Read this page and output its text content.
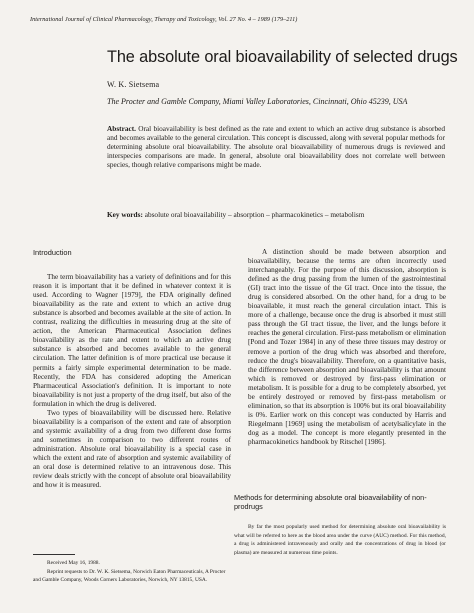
International Journal of Clinical Pharmacology, Therapy and Toxicology, Vol. 27 No. 4 – 1989 (179–211)
The absolute oral bioavailability of selected drugs
W. K. Sietsema
The Procter and Gamble Company, Miami Valley Laboratories, Cincinnati, Ohio 45239, USA
Abstract. Oral bioavailability is best defined as the rate and extent to which an active drug substance is absorbed and becomes available to the general circulation. This concept is discussed, along with several popular methods for determining absolute oral bioavailability. The absolute oral bioavailability of numerous drugs is reviewed and interspecies comparisons are made. In general, absolute oral bioavailability does not correlate well between species, though relative comparisons might be made.
Key words: absolute oral bioavailability – absorption – pharmacokinetics – metabolism
Introduction

The term bioavailability has a variety of definitions and for this reason it is important that it be defined in whatever context it is used. According to Wagner [1979], the FDA originally defined bioavailability as the rate and extent to which an active drug substance is absorbed and becomes available at the site of action. In contrast, realizing the difficulties in measuring drug at the site of action, the American Pharmaceutical Association defines bioavailability as the rate and extent to which an active drug substance is absorbed and becomes available to the general circulation. The latter definition is of more practical use because it permits a fairly simple experimental determination to be made. Recently, the FDA has considered adopting the American Pharmaceutical Association's definition. It is important to note bioavailability is not just a property of the drug itself, but also of the formulation in which the drug is delivered.

Two types of bioavailability will be discussed here. Relative bioavailability is a comparison of the extent and rate of absorption and systemic availability of a drug from two different dose forms and sometimes in comparison to two different routes of administration. Absolute oral bioavailability is a special case in which the extent and rate of absorption and systemic availability of an oral dose is determined relative to an intravenous dose. This review deals strictly with the concept of absolute oral bioavailability and how it is measured.

A distinction should be made between absorption and bioavailability, because the terms are often incorrectly used interchangeably. For the purpose of this discussion, absorption is defined as the drug passing from the lumen of the gastrointestinal (GI) tract into the tissue of the GI tract. Once into the tissue, the drug is considered absorbed. On the other hand, for a drug to be bioavailable, it must reach the general circulation intact. This is more of a challenge, because once the drug is absorbed it must still pass through the GI tract tissue, the liver, and the lungs before it reaches the general circulation. First-pass metabolism or elimination [Pond and Tozer 1984] in any of these three tissues may destroy or remove a portion of the drug which was absorbed and therefore, reduce the drug's bioavailability. Therefore, on a quantitative basis, the difference between absorption and bioavailability is that amount which is removed or destroyed by first-pass elimination or metabolism. It is possible for a drug to be completely absorbed, yet be entirely destroyed or removed by first-pass metabolism or elimination, so that its absorption is 100% but its oral bioavailability is 0%. Earlier work on this concept was conducted by Harris and Riegelmann [1969] using the metabolism of acetylsalicylate in the dog as a model. The concept is more elegantly presented in the pharmacokinetics handbook by Ritschel [1986].

Methods for determining absolute oral bioavailability of non-prodrugs
By far the most popularly used method for determining absolute oral bioavailability is what will be referred to here as the blood area under the curve (AUC) method. For this method, a drug is administered intravenously and orally and the concentrations of drug in blood (or plasma) are measured at numerous time points.

Received May 16, 1988.

Reprint requests to Dr. W. K. Sietsema, Norwich Eaton Pharmaceuticals, A Procter and Gamble Company, Woods Corners Laboratories, Norwich, NY 13815, USA.
